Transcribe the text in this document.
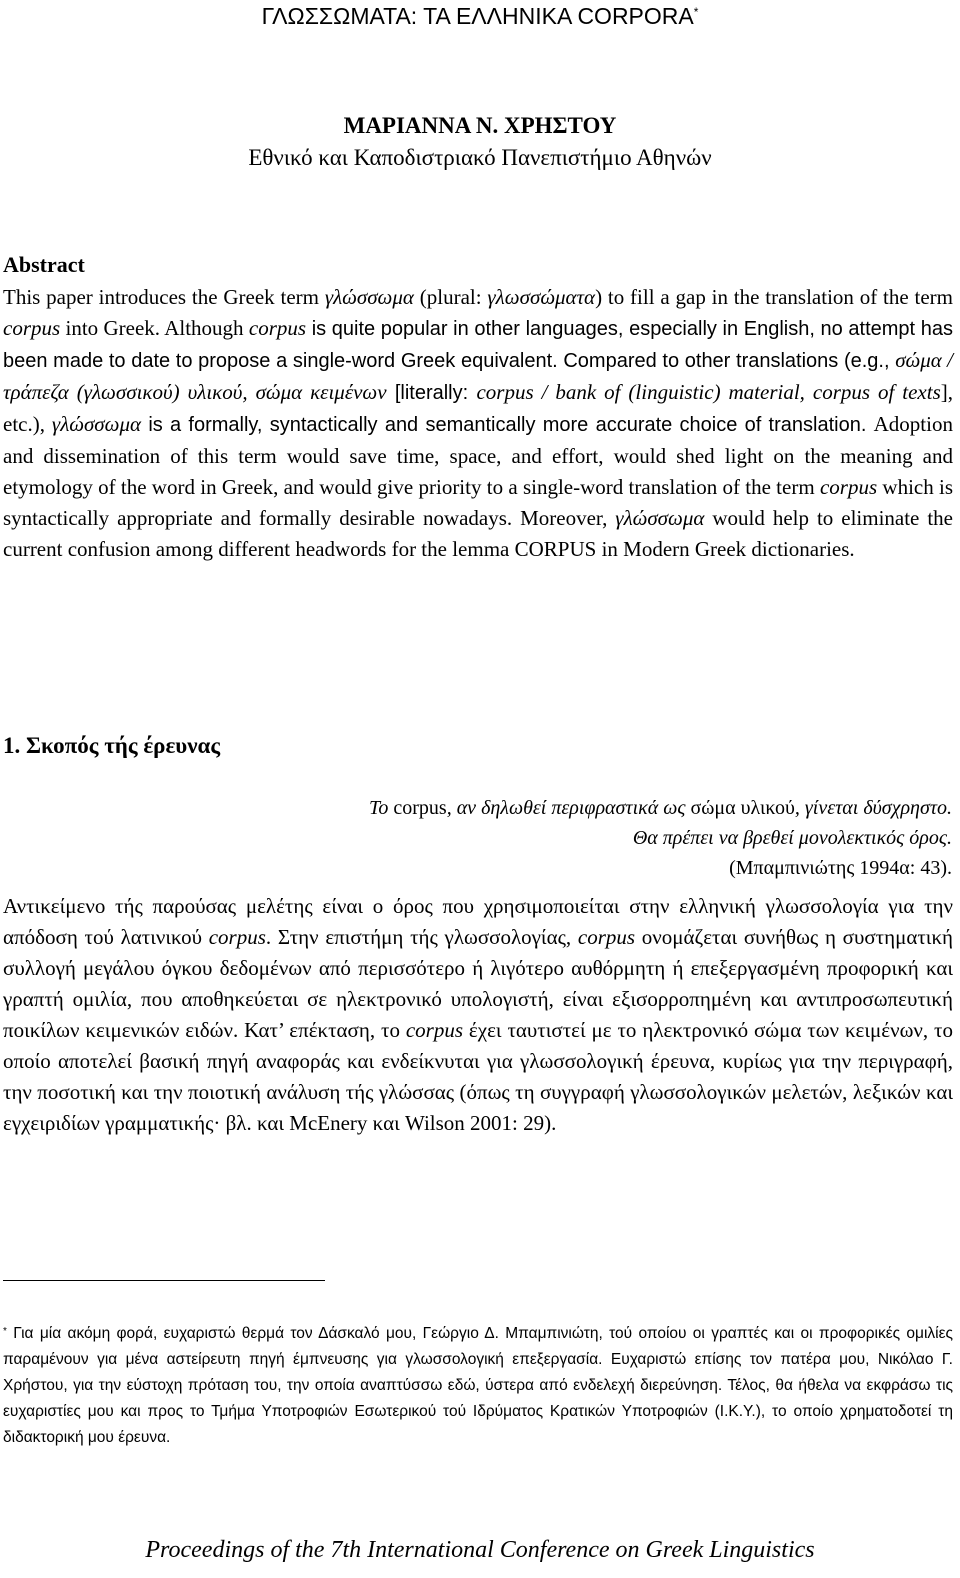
ΓΛΩΣΣΩΜΑΤΑ: ΤΑ ΕΛΛΗΝΙΚΑ CORPORA*
ΜΑΡΙΑΝΝΑ Ν. ΧΡΗΣΤΟΥ
Εθνικό και Καποδιστριακό Πανεπιστήμιο Αθηνών
Abstract

This paper introduces the Greek term γλώσσωμα (plural: γλωσσώματα) to fill a gap in the translation of the term corpus into Greek. Although corpus is quite popular in other languages, especially in English, no attempt has been made to date to propose a single-word Greek equivalent. Compared to other translations (e.g., σώμα / τράπεζα (γλωσσικού) υλικού, σώμα κειμένων [literally: corpus / bank of (linguistic) material, corpus of texts], etc.), γλώσσωμα is a formally, syntactically and semantically more accurate choice of translation. Adoption and dissemination of this term would save time, space, and effort, would shed light on the meaning and etymology of the word in Greek, and would give priority to a single-word translation of the term corpus which is syntactically appropriate and formally desirable nowadays. Moreover, γλώσσωμα would help to eliminate the current confusion among different headwords for the lemma CORPUS in Modern Greek dictionaries.

1. Σκοπός τής έρευνας
Το corpus, αν δηλωθεί περιφραστικά ως σώμα υλικού, γίνεται δύσχρηστο.
Θα πρέπει να βρεθεί μονολεκτικός όρος.
(Μπαμπινιώτης 1994α: 43).

Αντικείμενο τής παρούσας μελέτης είναι ο όρος που χρησιμοποιείται στην ελληνική γλωσσολογία για την απόδοση τού λατινικού corpus. Στην επιστήμη τής γλωσσολογίας, corpus ονομάζεται συνήθως η συστηματική συλλογή μεγάλου όγκου δεδομένων από περισσότερο ή λιγότερο αυθόρμητη ή επεξεργασμένη προφορική και γραπτή ομιλία, που αποθηκεύεται σε ηλεκτρονικό υπολογιστή, είναι εξισορροπημένη και αντιπροσωπευτική ποικίλων κειμενικών ειδών. Κατ’ επέκταση, το corpus έχει ταυτιστεί με το ηλεκτρονικό σώμα των κειμένων, το οποίο αποτελεί βασική πηγή αναφοράς και ενδείκνυται για γλωσσολογική έρευνα, κυρίως για την περιγραφή, την ποσοτική και την ποιοτική ανάλυση τής γλώσσας (όπως τη συγγραφή γλωσσολογικών μελετών, λεξικών και εγχειριδίων γραμματικής· βλ. και McEnery και Wilson 2001: 29).

* Για μία ακόμη φορά, ευχαριστώ θερμά τον Δάσκαλό μου, Γεώργιο Δ. Μπαμπινιώτη, τού οποίου οι γραπτές και οι προφορικές ομιλίες παραμένουν για μένα αστείρευτη πηγή έμπνευσης για γλωσσολογική επεξεργασία. Ευχαριστώ επίσης τον πατέρα μου, Νικόλαο Γ. Χρήστου, για την εύστοχη πρόταση του, την οποία αναπτύσσω εδώ, ύστερα από ενδελεχή διερεύνηση. Τέλος, θα ήθελα να εκφράσω τις ευχαριστίες μου και προς το Τμήμα Υποτροφιών Εσωτερικού τού Ιδρύματος Κρατικών Υποτροφιών (Ι.Κ.Υ.), το οποίο χρηματοδοτεί τη διδακτορική μου έρευνα.

Proceedings of the 7th International Conference on Greek Linguistics
